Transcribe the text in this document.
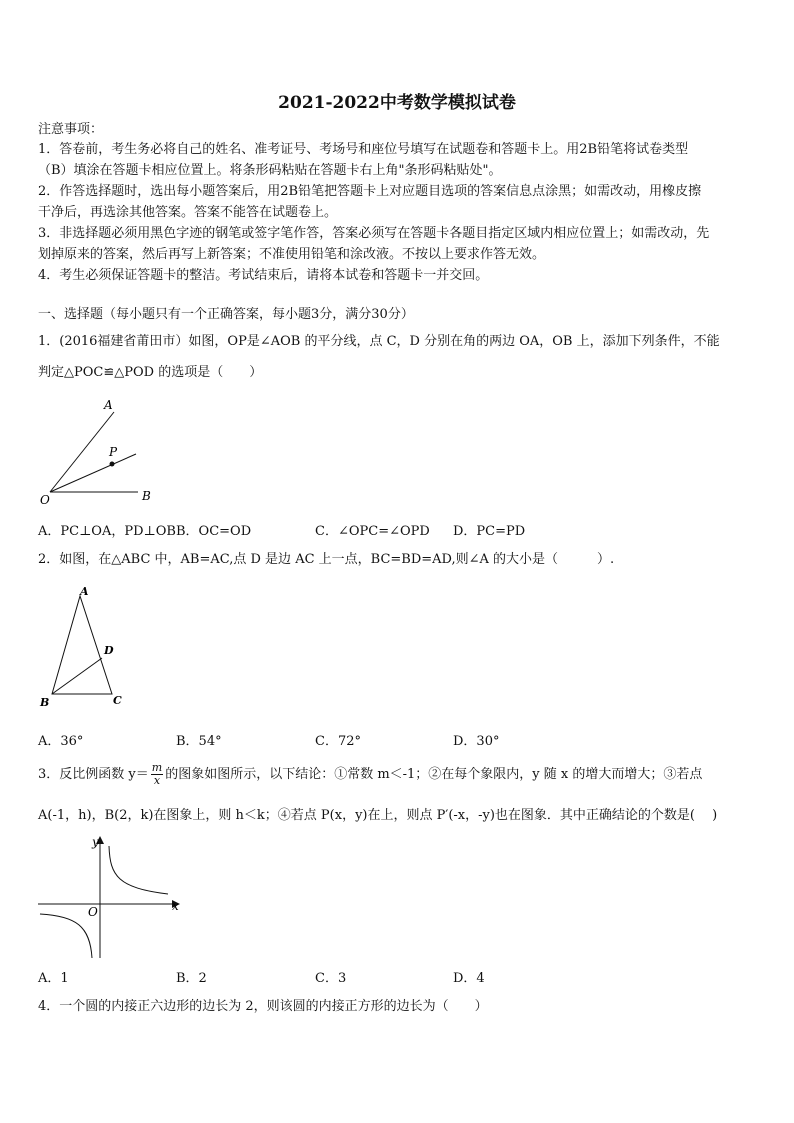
2021-2022中考数学模拟试卷
注意事项：
1．答卷前，考生务必将自己的姓名、准考证号、考场号和座位号填写在试题卷和答题卡上。用2B铅笔将试卷类型
（B）填涂在答题卡相应位置上。将条形码粘贴在答题卡右上角"条形码粘贴处"。
2．作答选择题时，选出每小题答案后，用2B铅笔把答题卡上对应题目选项的答案信息点涂黑；如需改动，用橡皮擦
干净后，再选涂其他答案。答案不能答在试题卷上。
3．非选择题必须用黑色字迹的钢笔或签字笔作答，答案必须写在答题卡各题目指定区域内相应位置上；如需改动，先
划掉原来的答案，然后再写上新答案；不准使用铅笔和涂改液。不按以上要求作答无效。
4．考生必须保证答题卡的整洁。考试结束后，请将本试卷和答题卡一并交回。
一、选择题（每小题只有一个正确答案，每小题3分，满分30分）
1．(2016福建省莆田市）如图，OP是∠AOB 的平分线，点 C，D 分别在角的两边 OA，OB 上，添加下列条件，不能
判定△POC≌△POD 的选项是（　　）
A
P
O	B
A．PC⊥OA，PD⊥OB B．OC=OD	C．∠OPC=∠OPD D．PC=PD
2．如图，在△ABC 中，AB=AC,点 D 是边 AC 上一点，BC=BD=AD,则∠A 的大小是（　　　）.
A
D
B	C
A．36°	B．54°	C．72°	D．30°
3．反比例函数 $y= \frac{m}{x}$ 的图象如图所示，以下结论：①常数 m＜-1；②在每个象限内，y 随 x 的增大而增大；③若点
A(-1，h)，B(2，k)在图象上，则 h＜k；④若点 P(x，y)在上，则点 P′(-x，-y)也在图象．其中正确结论的个数是(　 )
y
x
O
A．1	B．2	C．3	D．4
4．一个圆的内接正六边形的边长为 2，则该圆的内接正方形的边长为（　　）
